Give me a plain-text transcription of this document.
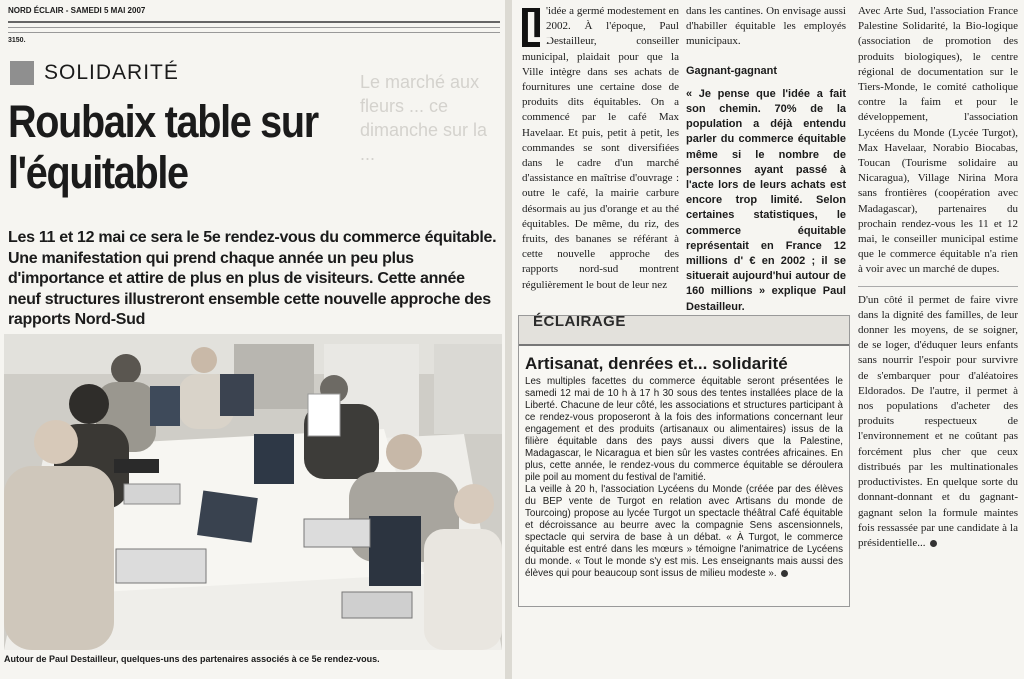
NORD ÉCLAIR - SAMEDI 5 MAI 2007
3150.
Le marché aux fleurs ... ce dimanche sur la ...
SOLIDARITÉ
Roubaix table sur l'équitable
Les 11 et 12 mai ce sera le 5e rendez-vous du commerce équitable. Une manifestation qui prend chaque année un peu plus d'importance et attire de plus en plus de visiteurs. Cette année neuf structures illustreront ensemble cette nouvelle approche des rapports Nord-Sud
Autour de Paul Destailleur, quelques-uns des partenaires associés à ce 5e rendez-vous.
L
'idée a germé modestement en 2002. À l'époque, Paul Destailleur, conseiller municipal, plaidait pour que la Ville intègre dans ses achats de fournitures une certaine dose de produits dits équitables. On a commencé par le café Max Havelaar. Et puis, petit à petit, les commandes se sont diversifiées dans le cadre d'un marché d'assistance en maîtrise d'ouvrage : outre le café, la mairie carbure désormais au jus d'orange et au thé équitables. De même, du riz, des fruits, des bananes se référant à cette nouvelle approche des rapports nord-sud montrent régulièrement le bout de leur nez
dans les cantines. On envisage aussi d'habiller équitable les employés municipaux.
Gagnant-gagnant
« Je pense que l'idée a fait son chemin. 70% de la population a déjà entendu parler du commerce équitable même si le nombre de personnes ayant passé à l'acte lors de leurs achats est encore trop limité. Selon certaines statistiques, le commerce équitable représentait en France 12 millions d' € en 2002 ; il se situerait aujourd'hui autour de 160 millions » explique Paul Destailleur.
Avec Arte Sud, l'association France Palestine Solidarité, la Bio-logique (association de promotion des produits biologiques), le centre régional de documentation sur le Tiers-Monde, le comité catholique contre la faim et pour le développement, l'association Lycéens du Monde (Lycée Turgot), Max Havelaar, Norabio Biocabas, Toucan (Tourisme solidaire au Nicaragua), Village Nirina Mora sans frontières (coopération avec Madagascar), partenaires du prochain rendez-vous les 11 et 12 mai, le conseiller municipal estime que le commerce équitable n'a rien à voir avec un marché de dupes.
D'un côté il permet de faire vivre dans la dignité des familles, de leur donner les moyens, de se soigner, de se loger, d'éduquer leurs enfants sans nourrir l'espoir pour survivre de s'embarquer pour d'aléatoires Eldorados. De l'autre, il permet à nos populations d'acheter des produits respectueux de l'environnement et ne coûtant pas forcément plus cher que ceux distribués par les multinationales productivistes. En quelque sorte du donnant-donnant et du gagnant-gagnant selon la formule maintes fois ressassée par une candidate à la présidentielle...
ÉCLAIRAGE
Artisanat, denrées et... solidarité
Les multiples facettes du commerce équitable seront présentées le samedi 12 mai de 10 h à 17 h 30 sous des tentes installées place de la Liberté. Chacune de leur côté, les associations et structures participant à ce rendez-vous proposeront à la fois des informations concernant leur engagement et des produits (artisanaux ou alimentaires) issus de la filière équitable dans des pays aussi divers que la Palestine, Madagascar, le Nicaragua et bien sûr les vastes contrées africaines. En plus, cette année, le rendez-vous du commerce équitable se déroulera pile poil au moment du festival de l'amitié.
La veille à 20 h, l'association Lycéens du Monde (créée par des élèves du BEP vente de Turgot en relation avec Artisans du monde de Tourcoing) propose au lycée Turgot un spectacle théâtral Café équitable et décroissance au beurre avec la compagnie Sens ascensionnels, spectacle qui servira de base à un débat. « À Turgot, le commerce équitable est entré dans les mœurs » témoigne l'animatrice de Lycéens du monde. « Tout le monde s'y est mis. Les enseignants mais aussi des élèves qui pour beaucoup sont issus de milieu modeste ».
